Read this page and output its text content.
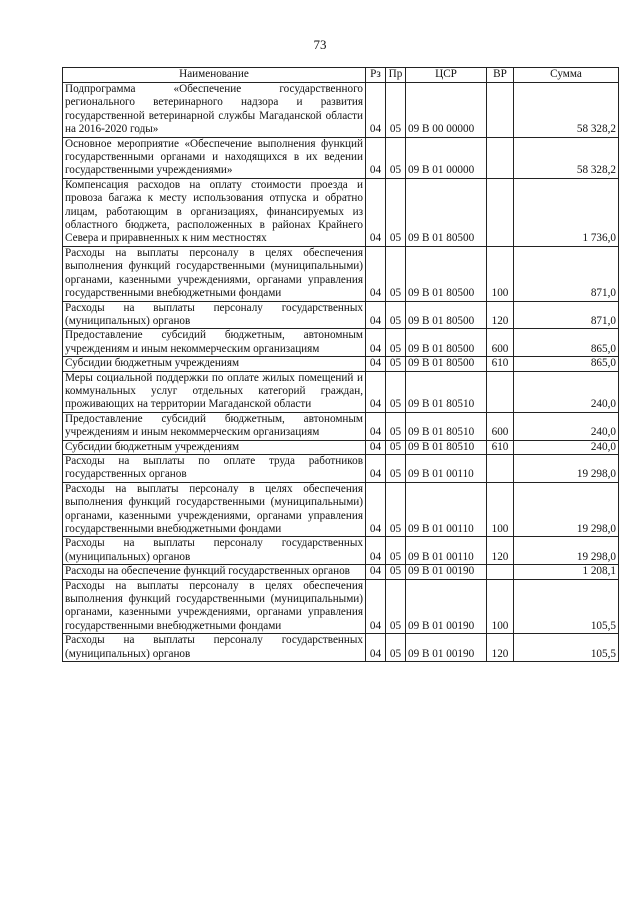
73
Наименование	Рз	Пр	ЦСР	ВР	Сумма
Подпрограмма «Обеспечение государственного регионального ветеринарного надзора и развития государственной ветеринарной службы Магаданской области на 2016-2020 годы»	04	05	09 В 00 00000		58 328,2
Основное мероприятие «Обеспечение выполнения функций государственными органами и находящихся в их ведении государственными учреждениями»	04	05	09 В 01 00000		58 328,2
Компенсация расходов на оплату стоимости проезда и провоза багажа к месту использования отпуска и обратно лицам, работающим в организациях, финансируемых из областного бюджета, расположенных в районах Крайнего Севера и приравненных к ним местностях	04	05	09 В 01 80500		1 736,0
Расходы на выплаты персоналу в целях обеспечения выполнения функций государственными (муниципальными) органами, казенными учреждениями, органами управления государственными внебюджетными фондами	04	05	09 В 01 80500	100	871,0
Расходы на выплаты персоналу государственных (муниципальных) органов	04	05	09 В 01 80500	120	871,0
Предоставление субсидий бюджетным, автономным учреждениям и иным некоммерческим организациям	04	05	09 В 01 80500	600	865,0
Субсидии бюджетным учреждениям	04	05	09 В 01 80500	610	865,0
Меры социальной поддержки по оплате жилых помещений и коммунальных услуг отдельных категорий граждан, проживающих на территории Магаданской области	04	05	09 В 01 80510		240,0
Предоставление субсидий бюджетным, автономным учреждениям и иным некоммерческим организациям	04	05	09 В 01 80510	600	240,0
Субсидии бюджетным учреждениям	04	05	09 В 01 80510	610	240,0
Расходы на выплаты по оплате труда работников государственных органов	04	05	09 В 01 00110		19 298,0
Расходы на выплаты персоналу в целях обеспечения выполнения функций государственными (муниципальными) органами, казенными учреждениями, органами управления государственными внебюджетными фондами	04	05	09 В 01 00110	100	19 298,0
Расходы на выплаты персоналу государственных (муниципальных) органов	04	05	09 В 01 00110	120	19 298,0
Расходы на обеспечение функций государственных органов	04	05	09 В 01 00190		1 208,1
Расходы на выплаты персоналу в целях обеспечения выполнения функций государственными (муниципальными) органами, казенными учреждениями, органами управления государственными внебюджетными фондами	04	05	09 В 01 00190	100	105,5
Расходы на выплаты персоналу государственных (муниципальных) органов	04	05	09 В 01 00190	120	105,5
